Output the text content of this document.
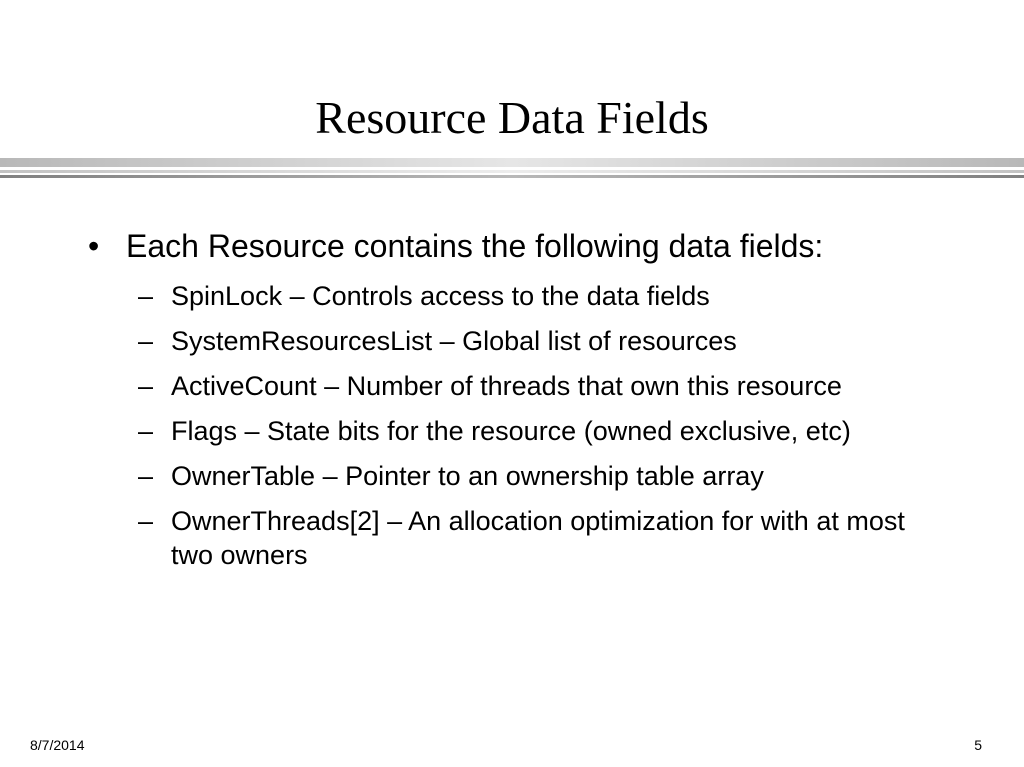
Resource Data Fields
• Each Resource contains the following data fields:
– SpinLock – Controls access to the data fields
– SystemResourcesList – Global list of resources
– ActiveCount – Number of threads that own this resource
– Flags – State bits for the resource (owned exclusive, etc)
– OwnerTable – Pointer to an ownership table array
– OwnerThreads[2] – An allocation optimization for with at most two owners
8/7/2014	5
